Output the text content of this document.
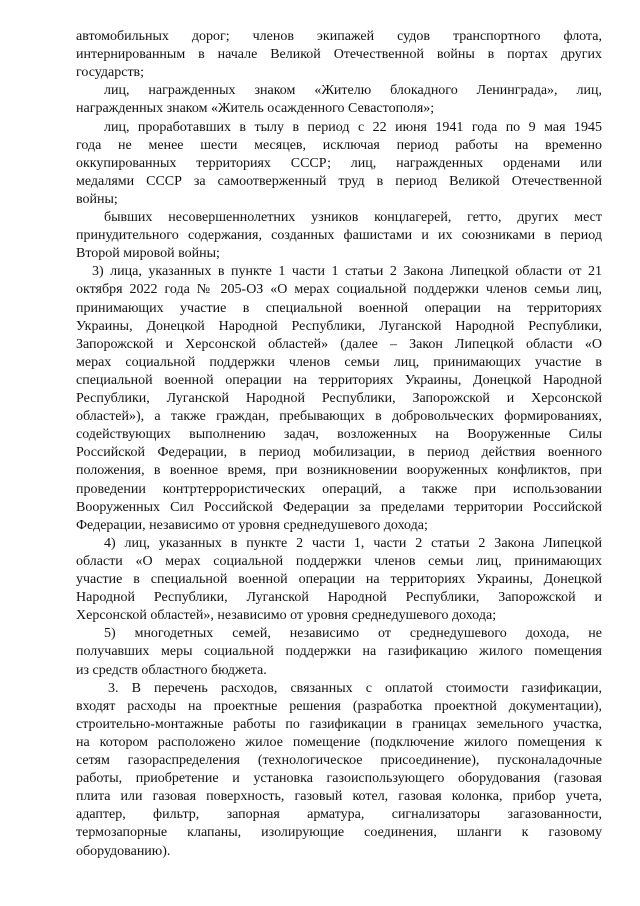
автомобильных дорог; членов экипажей судов транспортного флота,
интернированным в начале Великой Отечественной войны в портах других
государств;
лиц, награжденных знаком «Жителю блокадного Ленинграда», лиц,
награжденных знаком «Житель осажденного Севастополя»;
лиц, проработавших в тылу в период с 22 июня 1941 года по 9 мая 1945
года не менее шести месяцев, исключая период работы на временно
оккупированных территориях СССР; лиц, награжденных орденами или
медалями СССР за самоотверженный труд в период Великой Отечественной
войны;
бывших несовершеннолетних узников концлагерей, гетто, других мест
принудительного содержания, созданных фашистами и их союзниками в период
Второй мировой войны;
3) лица, указанных в пункте 1 части 1 статьи 2 Закона Липецкой области от 21
октября 2022 года № 205-ОЗ «О мерах социальной поддержки членов семьи лиц,
принимающих участие в специальной военной операции на территориях
Украины, Донецкой Народной Республики, Луганской Народной Республики,
Запорожской и Херсонской областей» (далее – Закон Липецкой области «О
мерах социальной поддержки членов семьи лиц, принимающих участие в
специальной военной операции на территориях Украины, Донецкой Народной
Республики, Луганской Народной Республики, Запорожской и Херсонской
областей»), а также граждан, пребывающих в добровольческих формированиях,
содействующих выполнению задач, возложенных на Вооруженные Силы
Российской Федерации, в период мобилизации, в период действия военного
положения, в военное время, при возникновении вооруженных конфликтов, при
проведении контртеррористических операций, а также при использовании
Вооруженных Сил Российской Федерации за пределами территории Российской
Федерации, независимо от уровня среднедушевого дохода;
4) лиц, указанных в пункте 2 части 1, части 2 статьи 2 Закона Липецкой
области «О мерах социальной поддержки членов семьи лиц, принимающих
участие в специальной военной операции на территориях Украины, Донецкой
Народной Республики, Луганской Народной Республики, Запорожской и
Херсонской областей», независимо от уровня среднедушевого дохода;
5) многодетных семей, независимо от среднедушевого дохода, не
получавших меры социальной поддержки на газификацию жилого помещения
из средств областного бюджета.
3. В перечень расходов, связанных с оплатой стоимости газификации,
входят расходы на проектные решения (разработка проектной документации),
строительно-монтажные работы по газификации в границах земельного участка,
на котором расположено жилое помещение (подключение жилого помещения к
сетям газораспределения (технологическое присоединение), пусконаладочные
работы, приобретение и установка газоиспользующего оборудования (газовая
плита или газовая поверхность, газовый котел, газовая колонка, прибор учета,
адаптер, фильтр, запорная арматура, сигнализаторы загазованности,
термозапорные клапаны, изолирующие соединения, шланги к газовому
оборудованию).
